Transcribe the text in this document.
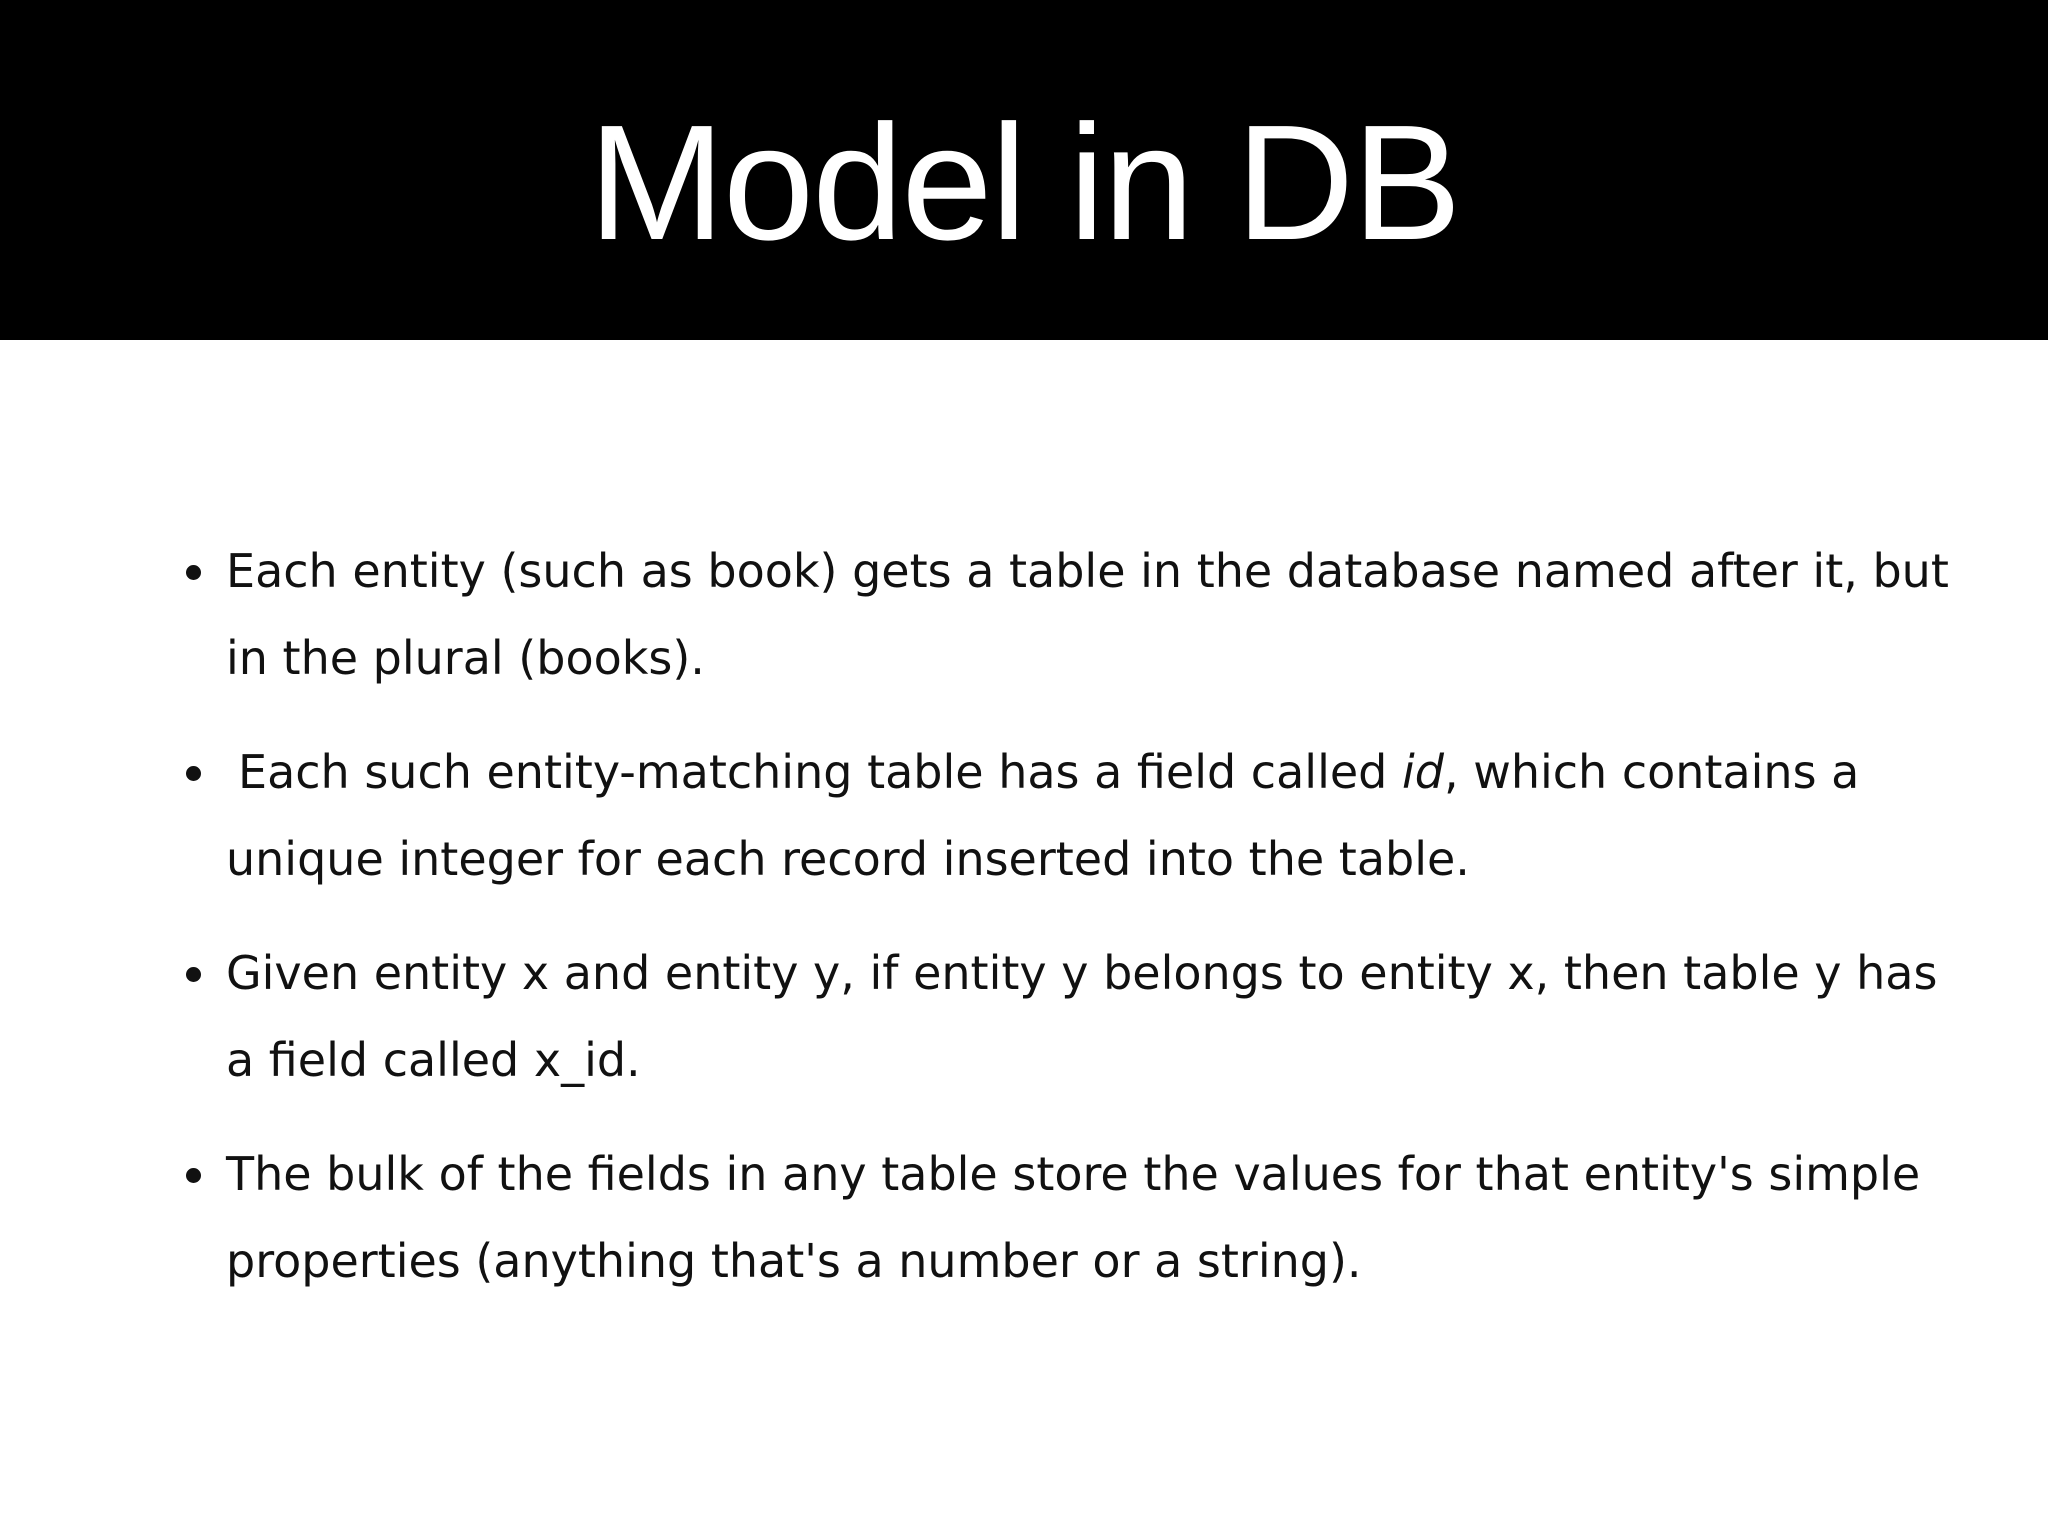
Model in DB
Each entity (such as book) gets a table in the database named after it, but in the plural (books).
Each such entity-matching table has a field called id, which contains a unique integer for each record inserted into the table.
Given entity x and entity y, if entity y belongs to entity x, then table y has a field called x_id.
The bulk of the fields in any table store the values for that entity's simple properties (anything that's a number or a string).
